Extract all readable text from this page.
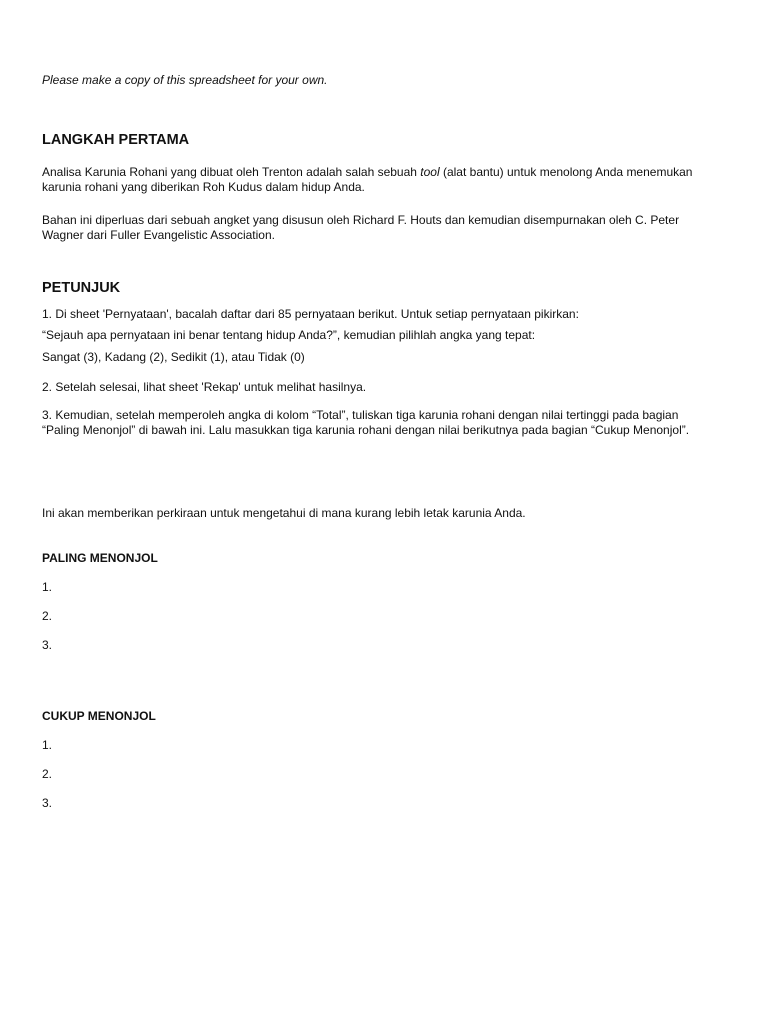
Please make a copy of this spreadsheet for your own.
LANGKAH PERTAMA
Analisa Karunia Rohani yang dibuat oleh Trenton adalah salah sebuah tool (alat bantu) untuk menolong Anda menemukan
karunia rohani yang diberikan Roh Kudus dalam hidup Anda.
Bahan ini diperluas dari sebuah angket yang disusun oleh Richard F. Houts dan kemudian disempurnakan oleh C. Peter
Wagner dari Fuller Evangelistic Association.
PETUNJUK
1. Di sheet 'Pernyataan', bacalah daftar dari 85 pernyataan berikut. Untuk setiap pernyataan pikirkan:
“Sejauh apa pernyataan ini benar tentang hidup Anda?”, kemudian pilihlah angka yang tepat:
Sangat (3), Kadang (2), Sedikit (1), atau Tidak (0)
2. Setelah selesai, lihat sheet 'Rekap' untuk melihat hasilnya.
3. Kemudian, setelah memperoleh angka di kolom “Total”, tuliskan tiga karunia rohani dengan nilai tertinggi pada bagian
“Paling Menonjol” di bawah ini. Lalu masukkan tiga karunia rohani dengan nilai berikutnya pada bagian “Cukup Menonjol”.
Ini akan memberikan perkiraan untuk mengetahui di mana kurang lebih letak karunia Anda.
PALING MENONJOL
1.
2.
3.
CUKUP MENONJOL
1.
2.
3.
